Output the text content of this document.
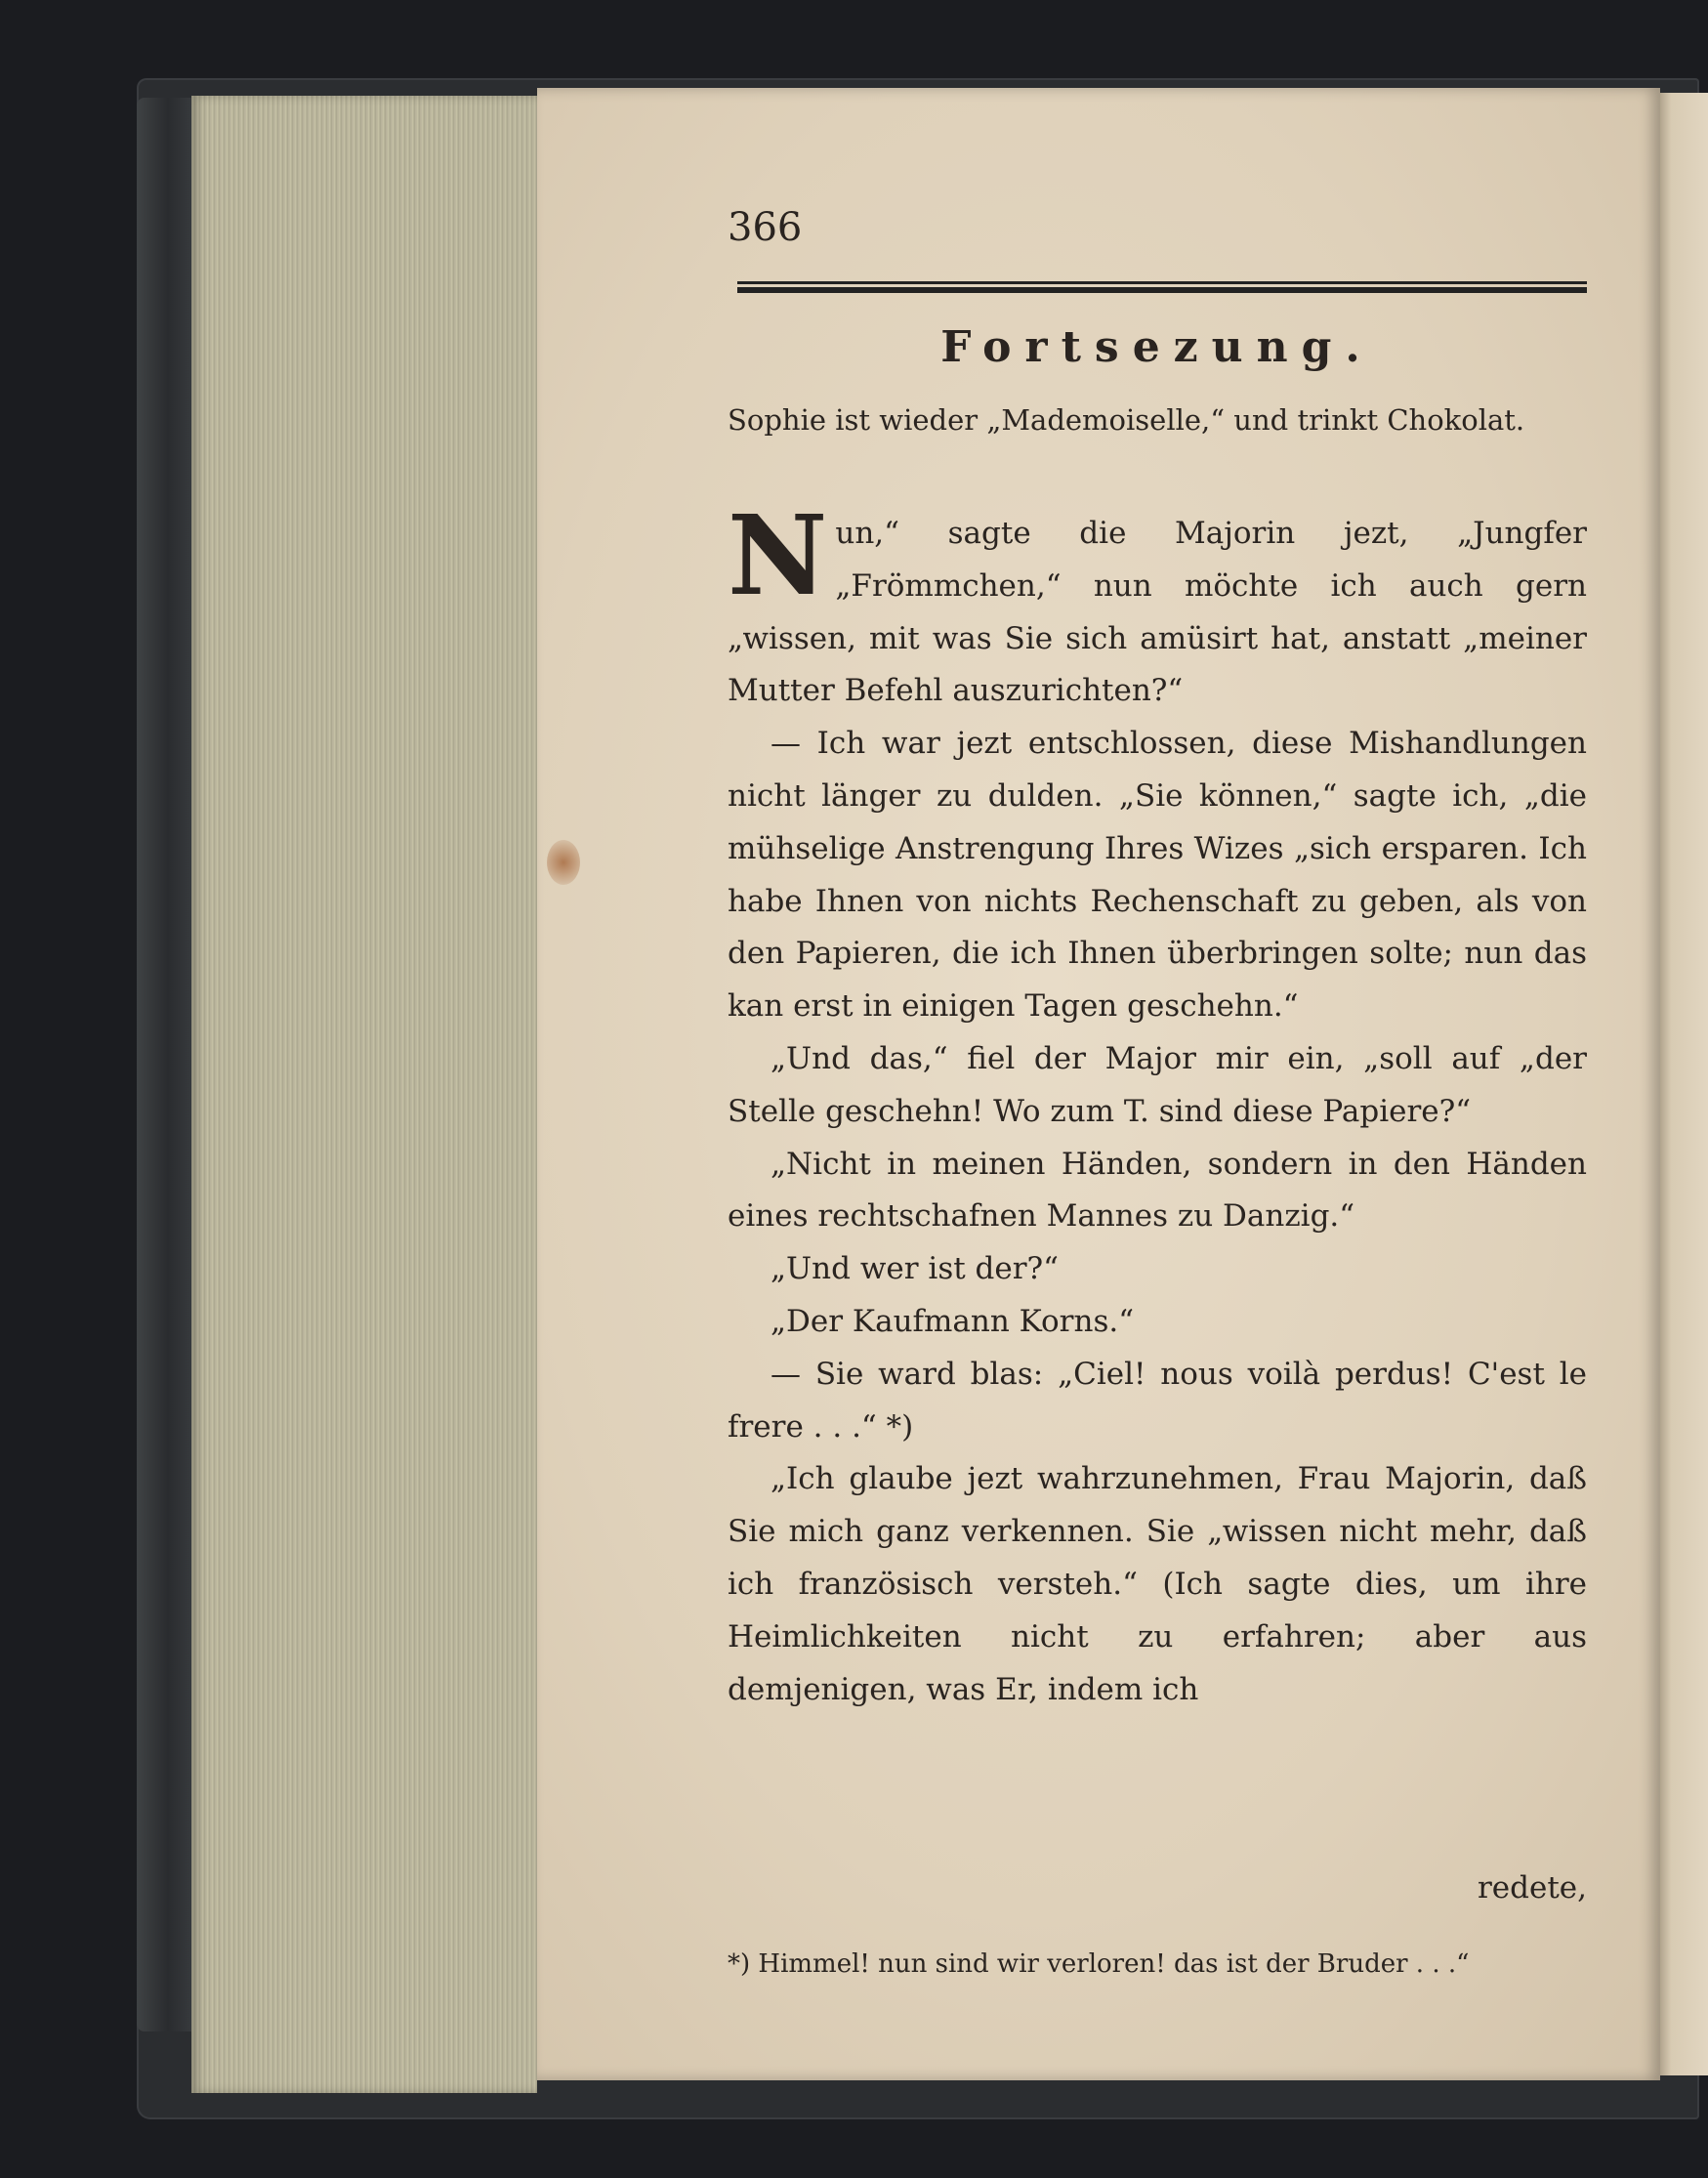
366
Fortsezung.
Sophie ist wieder „Mademoiselle,“ und trinkt Chokolat.

Nun,“ sagte die Majorin jezt, „Jungfer „Frömmchen,“ nun möchte ich auch gern „wissen, mit was Sie sich amüsirt hat, anstatt „meiner Mutter Befehl auszurichten?“

— Ich war jezt entschlossen, diese Mishandlungen nicht länger zu dulden. „Sie können,“ sagte ich, „die mühselige Anstrengung Ihres Wizes „sich ersparen. Ich habe Ihnen von nichts Rechenschaft zu geben, als von den Papieren, die ich Ihnen überbringen solte; nun das kan erst in einigen Tagen geschehn.“

„Und das,“ fiel der Major mir ein, „soll auf „der Stelle geschehn! Wo zum T. sind diese Papiere?“

„Nicht in meinen Händen, sondern in den Händen eines rechtschafnen Mannes zu Danzig.“

„Und wer ist der?“

„Der Kaufmann Korns.“

— Sie ward blas: „Ciel! nous voilà perdus! C'est le frere . . .“ *)

„Ich glaube jezt wahrzunehmen, Frau Majorin, daß Sie mich ganz verkennen. Sie „wissen nicht mehr, daß ich französisch versteh.“ (Ich sagte dies, um ihre Heimlichkeiten nicht zu erfahren; aber aus demjenigen, was Er, indem ich

redete,
*) Himmel! nun sind wir verloren! das ist der Bruder . . .“
